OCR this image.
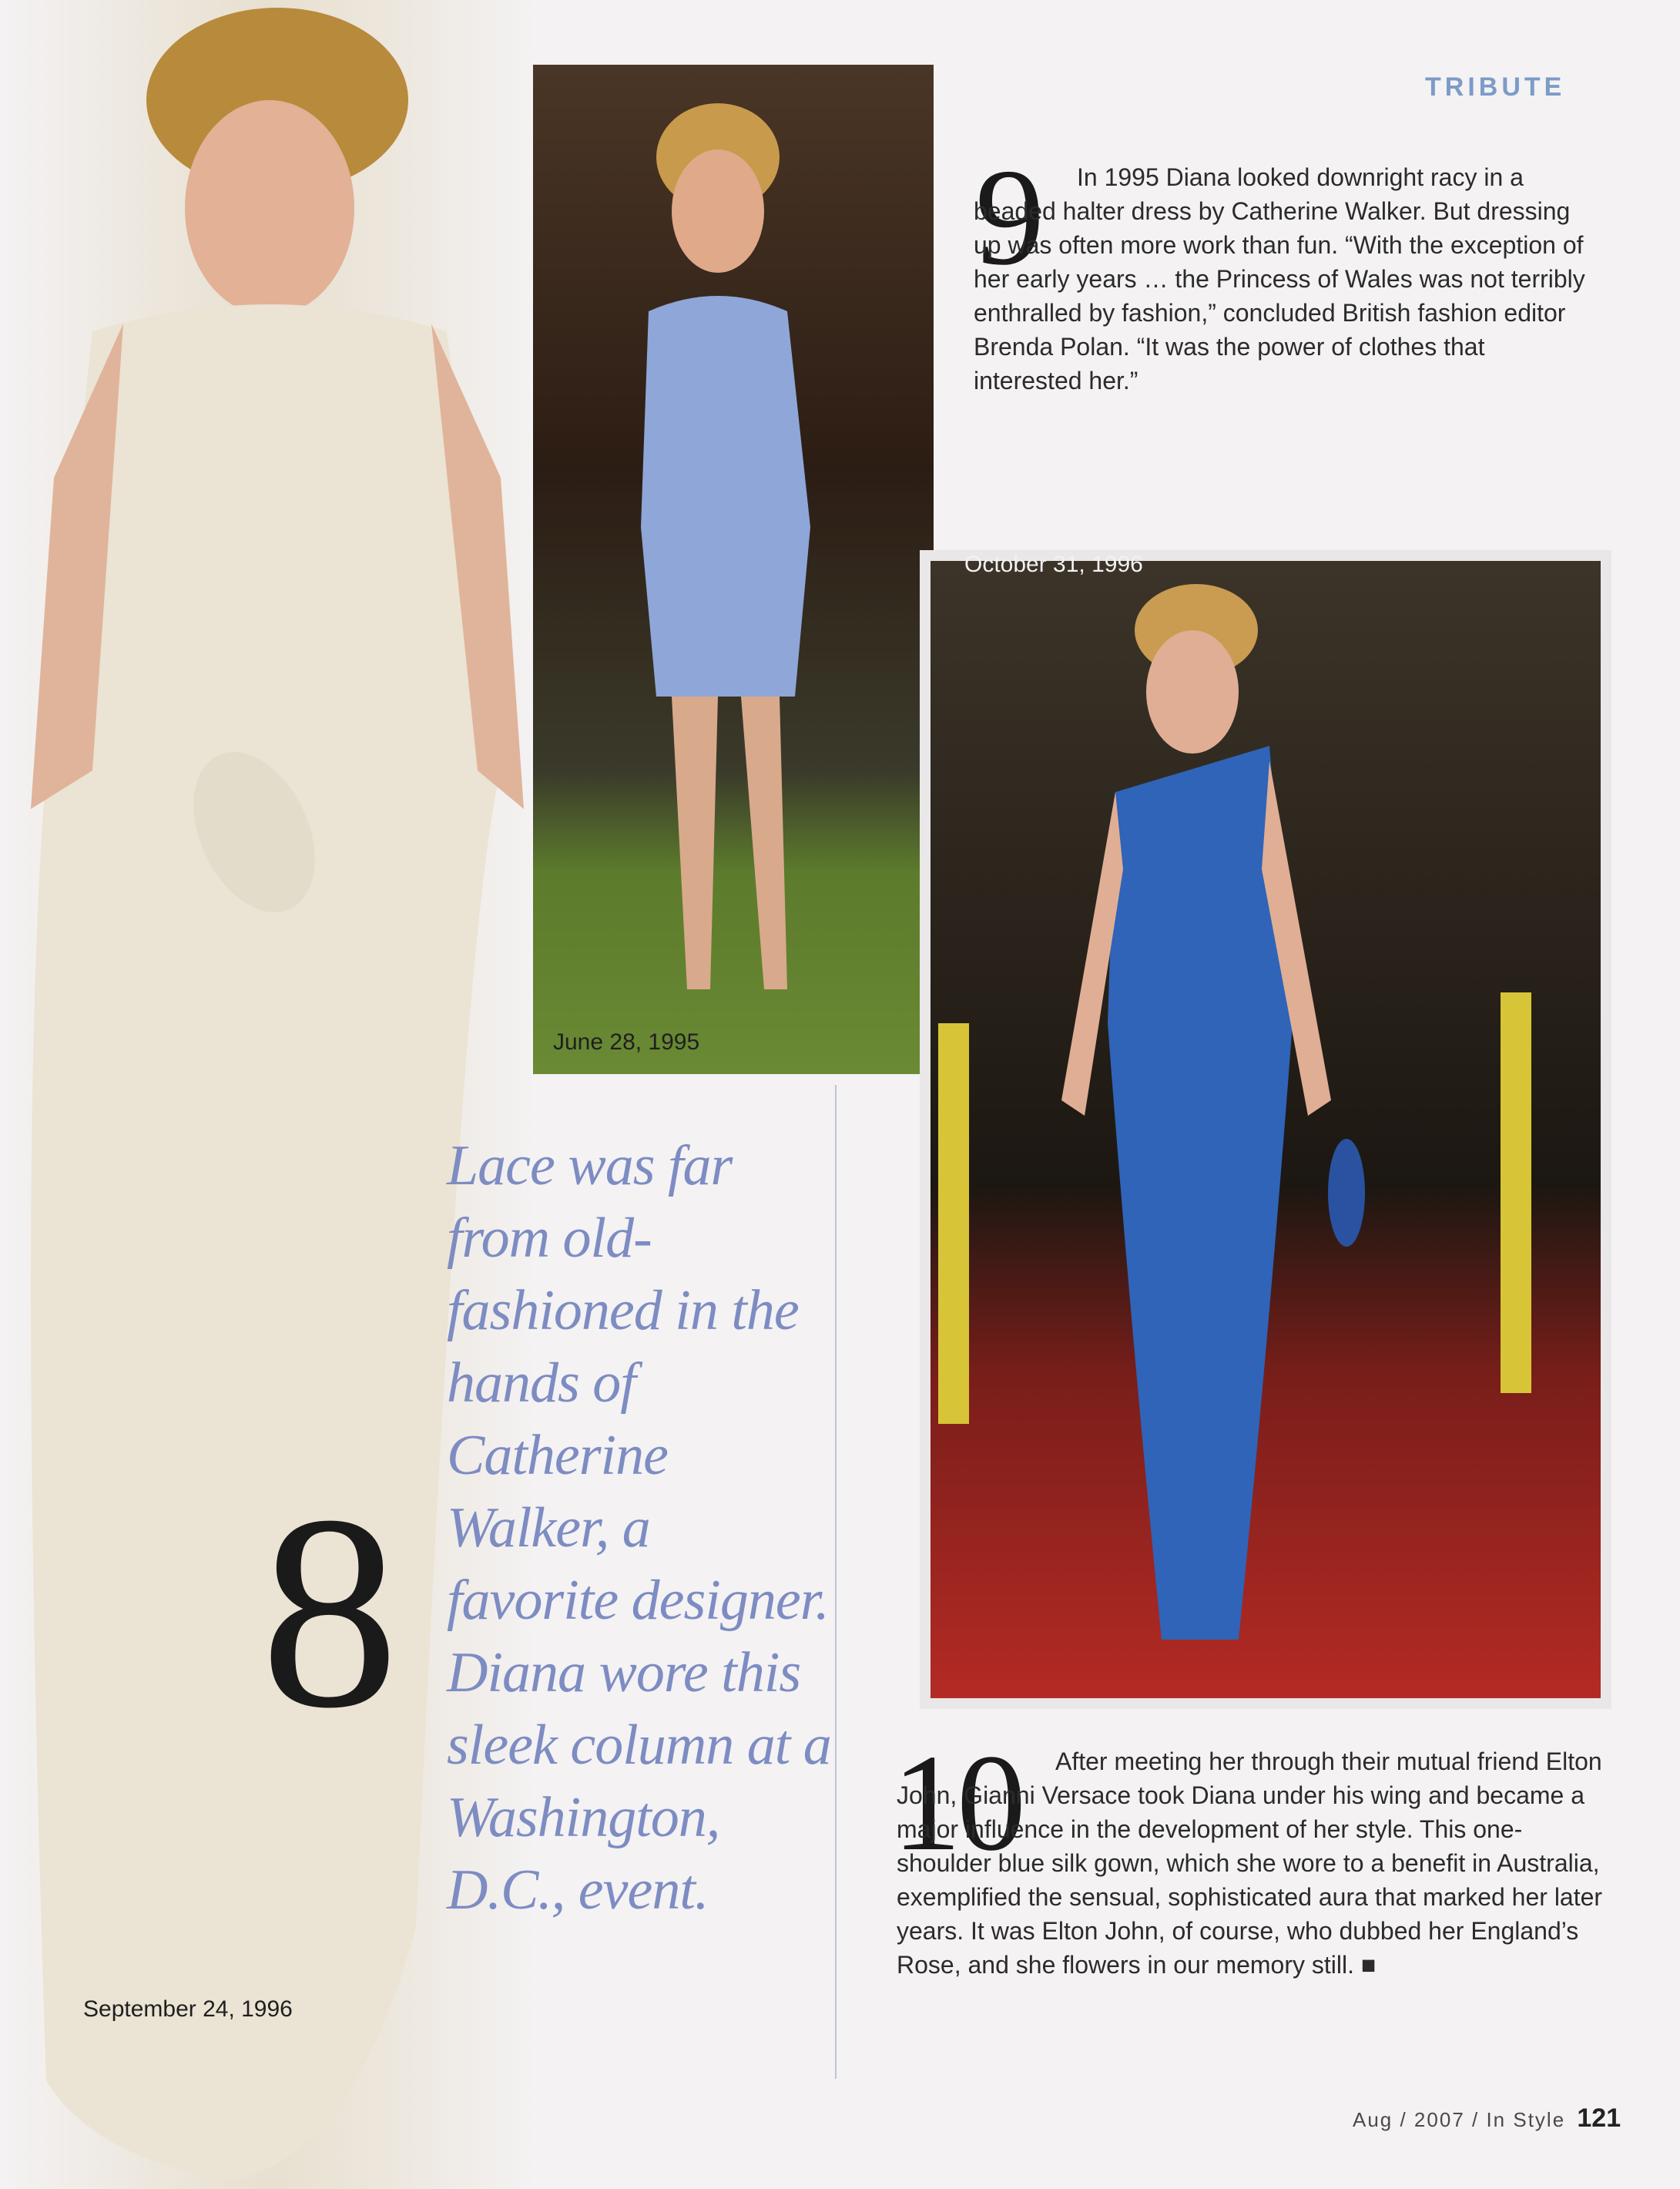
TRIBUTE
9	In 1995 Diana looked downright racy in a beaded halter dress by Catherine Walker. But dressing up was often more work than fun. “With the exception of her early years … the Princess of Wales was not terribly enthralled by fashion,” concluded British fashion editor Brenda Polan. “It was the power of clothes that interested her.”
June 28, 1995
October 31, 1996
September 24, 1996
8
Lace was far from old-fashioned in the hands of Catherine Walker, a favorite designer. Diana wore this sleek column at a Washington, D.C., event.
10	After meeting her through their mutual friend Elton John, Gianni Versace took Diana under his wing and became a major influence in the development of her style. This one-shoulder blue silk gown, which she wore to a benefit in Australia, exemplified the sensual, sophisticated aura that marked her later years. It was Elton John, of course, who dubbed her England’s Rose, and she flowers in our memory still. ■
Aug / 2007 / In Style 121
